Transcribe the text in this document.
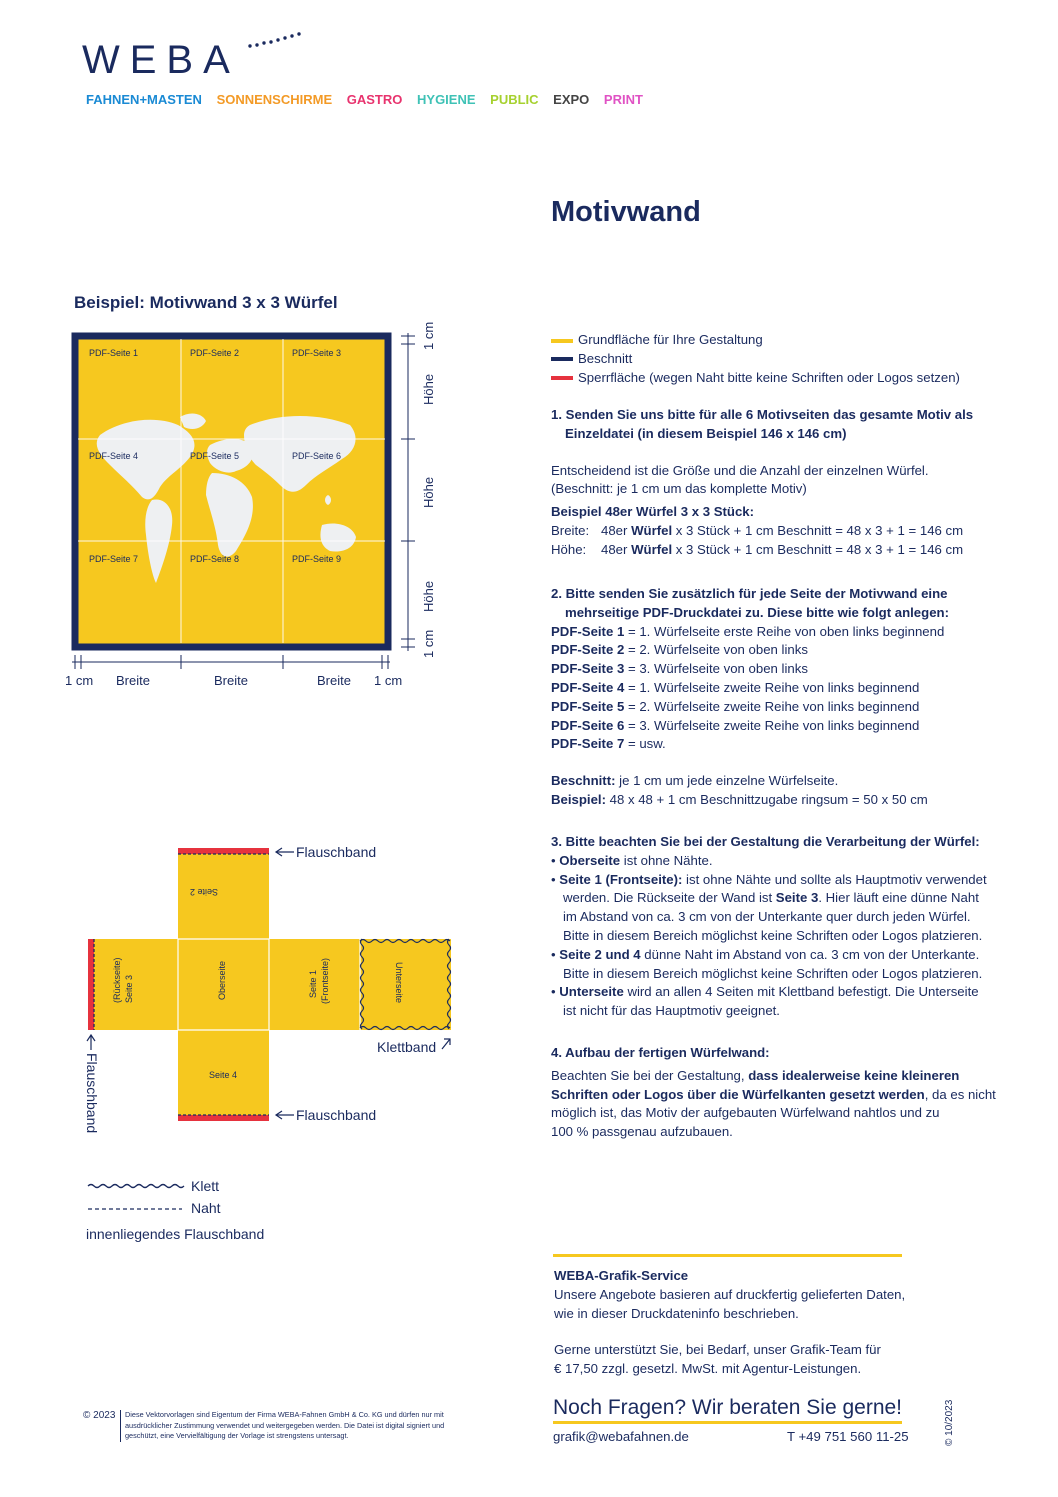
WEBA
FAHNEN+MASTEN SONNENSCHIRME GASTRO HYGIENE PUBLIC EXPO PRINT
Motivwand
Beispiel: Motivwand 3 x 3 Würfel
PDF-Seite 1	PDF-Seite 2	PDF-Seite 3
PDF-Seite 4	PDF-Seite 5	PDF-Seite 6
PDF-Seite 7	PDF-Seite 8	PDF-Seite 9
1 cm
Höhe
Höhe
Höhe
1 cm
1 cm Breite	Breite	Breite 1 cm
Seite 2
Seite 3
(Rückseite)	Oberseite	Seite 1 (Frontseite)	Unterseite
Seite 4
Flauschband
Flauschband
Flauschband
Klettband
Klett
Naht
innenliegendes Flauschband
Grundfläche für Ihre Gestaltung
Beschnitt
Sperrfläche (wegen Naht bitte keine Schriften oder Logos setzen)
1. Senden Sie uns bitte für alle 6 Motivseiten das gesamte Motiv als
Einzeldatei (in diesem Beispiel 146 x 146 cm)
Entscheidend ist die Größe und die Anzahl der einzelnen Würfel.
(Beschnitt: je 1 cm um das komplette Motiv)
Beispiel 48er Würfel 3 x 3 Stück:
Breite: 48er Würfel x 3 Stück + 1 cm Beschnitt = 48 x 3 + 1 = 146 cm
Höhe: 48er Würfel x 3 Stück + 1 cm Beschnitt = 48 x 3 + 1 = 146 cm
2. Bitte senden Sie zusätzlich für jede Seite der Motivwand eine
mehrseitige PDF-Druckdatei zu. Diese bitte wie folgt anlegen:
PDF-Seite 1 = 1. Würfelseite erste Reihe von oben links beginnend
PDF-Seite 2 = 2. Würfelseite von oben links
PDF-Seite 3 = 3. Würfelseite von oben links
PDF-Seite 4 = 1. Würfelseite zweite Reihe von links beginnend
PDF-Seite 5 = 2. Würfelseite zweite Reihe von links beginnend
PDF-Seite 6 = 3. Würfelseite zweite Reihe von links beginnend
PDF-Seite 7 = usw.
Beschnitt: je 1 cm um jede einzelne Würfelseite.
Beispiel: 48 x 48 + 1 cm Beschnittzugabe ringsum = 50 x 50 cm
3. Bitte beachten Sie bei der Gestaltung die Verarbeitung der Würfel:
• Oberseite ist ohne Nähte.
• Seite 1 (Frontseite): ist ohne Nähte und sollte als Hauptmotiv verwendet
werden. Die Rückseite der Wand ist Seite 3. Hier läuft eine dünne Naht
im Abstand von ca. 3 cm von der Unterkante quer durch jeden Würfel.
Bitte in diesem Bereich möglichst keine Schriften oder Logos platzieren.
• Seite 2 und 4 dünne Naht im Abstand von ca. 3 cm von der Unterkante.
Bitte in diesem Bereich möglichst keine Schriften oder Logos platzieren.
• Unterseite wird an allen 4 Seiten mit Klettband befestigt. Die Unterseite
ist nicht für das Hauptmotiv geeignet.
4. Aufbau der fertigen Würfelwand:
Beachten Sie bei der Gestaltung, dass idealerweise keine kleineren
Schriften oder Logos über die Würfelkanten gesetzt werden, da es nicht
möglich ist, das Motiv der aufgebauten Würfelwand nahtlos und zu
100 % passgenau aufzubauen.
WEBA-Grafik-Service
Unsere Angebote basieren auf druckfertig gelieferten Daten,
wie in dieser Druckdateninfo beschrieben.
Gerne unterstützt Sie, bei Bedarf, unser Grafik-Team für
€ 17,50 zzgl. gesetzl. MwSt. mit Agentur-Leistungen.
Noch Fragen? Wir beraten Sie gerne!
grafik@webafahnen.de	T +49 751 560 11-25
© 2023 Diese Vektorvorlagen sind Eigentum der Firma WEBA-Fahnen GmbH & Co. KG und dürfen nur mit ausdrücklicher Zustimmung verwendet und weitergegeben werden. Die Datei ist digital signiert und geschützt, eine Vervielfältigung der Vorlage ist strengstens untersagt.	© 10/2023
